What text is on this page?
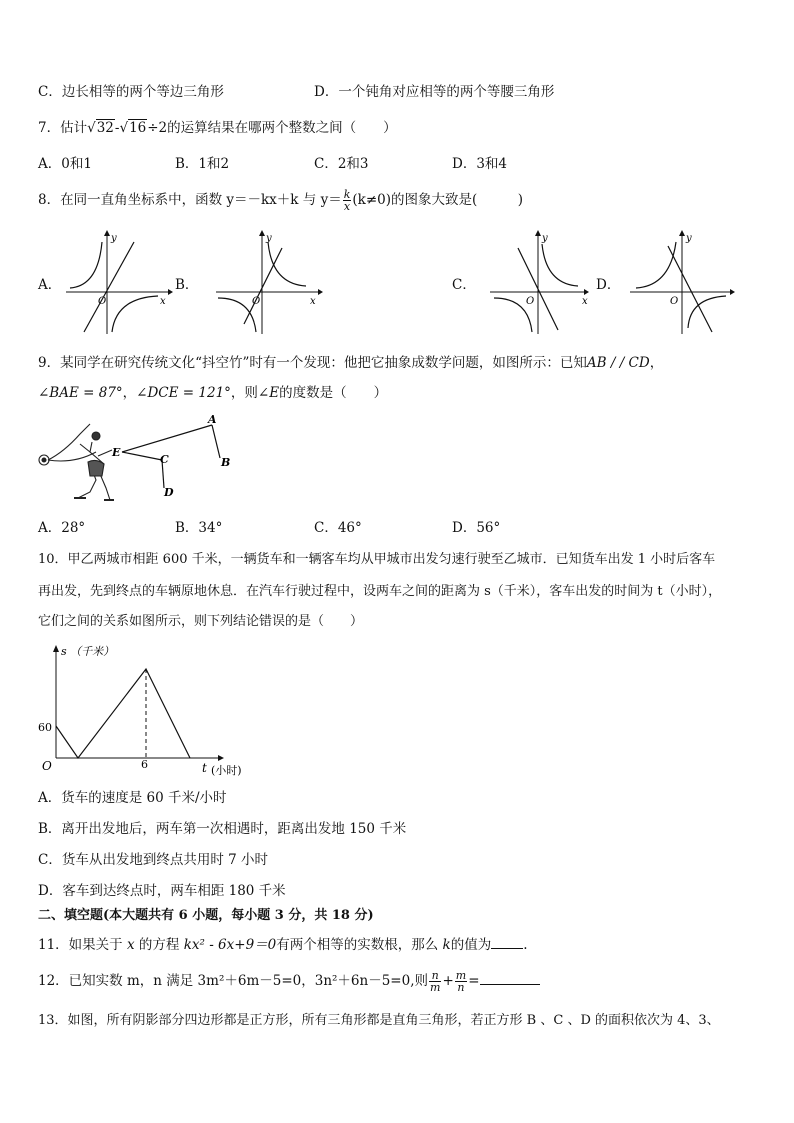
C．边长相等的两个等边三角形	D．一个钝角对应相等的两个等腰三角形
7．估计√32-√16÷2的运算结果在哪两个整数之间（　　）
A．0和1	B．1和2	C．2和3	D．3和4
8．在同一直角坐标系中，函数 y＝－kx＋k 与 $y= \frac{k}{x} (k\ne 0)$的图象大致是(　　　)
A．	B．	C．	D．
y
x
O
y
x
O
y
x
O
y
O
9．某同学在研究传统文化“抖空竹”时有一个发现：他把它抽象成数学问题，如图所示：已知AB / / CD，
∠BAE = 87°，∠DCE = 121°，则∠E的度数是（　　）
A
B
C
D
E
A．28°	B．34°	C．46°	D．56°
10．甲乙两城市相距 600 千米，一辆货车和一辆客车均从甲城市出发匀速行驶至乙城市．已知货车出发 1 小时后客车
再出发，先到终点的车辆原地休息．在汽车行驶过程中，设两车之间的距离为 s（千米），客车出发的时间为 t（小时），
它们之间的关系如图所示，则下列结论错误的是（　　）
s （千米）
60
O	6	t (小时)
A．货车的速度是 60 千米/小时
B．离开出发地后，两车第一次相遇时，距离出发地 150 千米
C．货车从出发地到终点共用时 7 小时
D．客车到达终点时，两车相距 180 千米
二、填空题(本大题共有 6 小题，每小题 3 分，共 18 分)
11．如果关于 x 的方程 kx² - 6x+9＝0有两个相等的实数根，那么 k的值为 .
12．已知实数 m，n 满足 3m²＋6m－5=0，3n²＋6n－5=0,则 $\frac{n}{m} + \frac{m}{n}$ =
13．如图，所有阴影部分四边形都是正方形，所有三角形都是直角三角形，若正方形 B 、C 、D 的面积依次为 4、3、
